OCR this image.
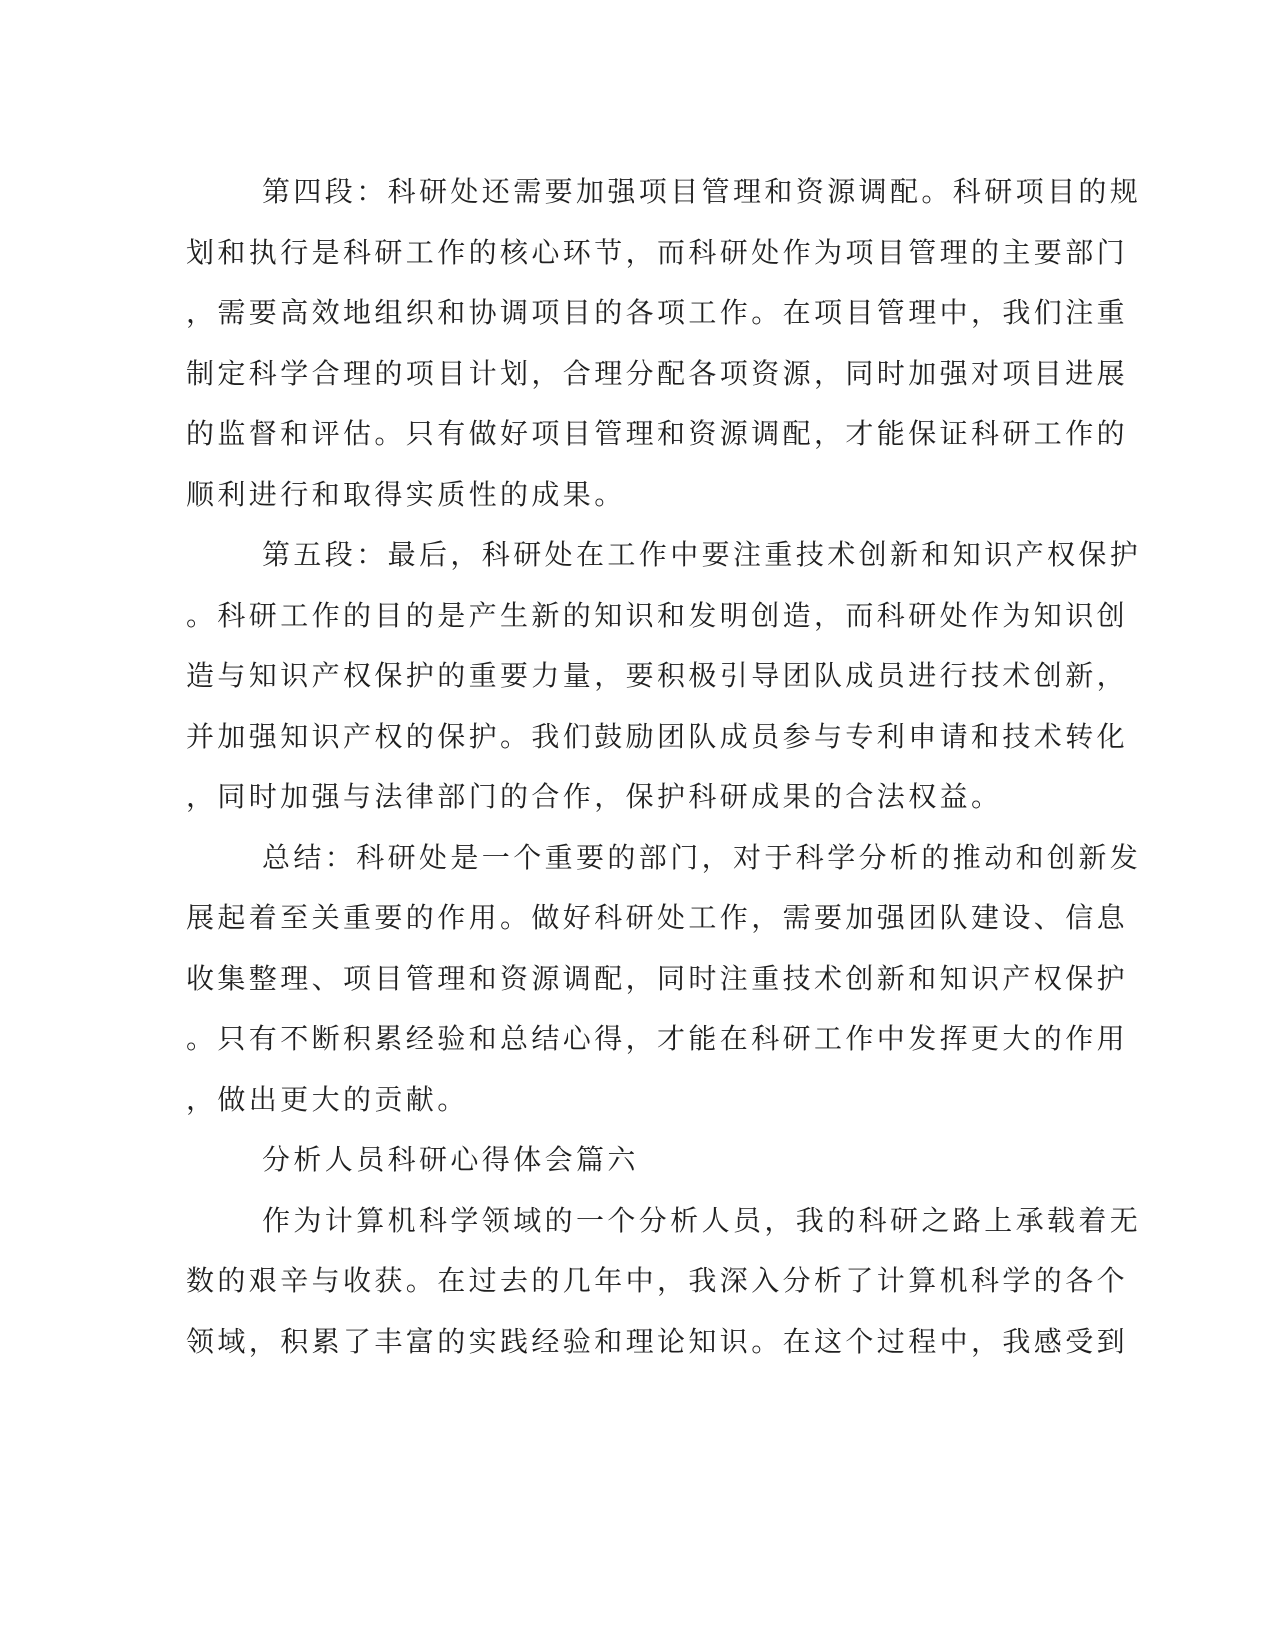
第四段：科研处还需要加强项目管理和资源调配。科研项目的规
划和执行是科研工作的核心环节，而科研处作为项目管理的主要部门
，需要高效地组织和协调项目的各项工作。在项目管理中，我们注重
制定科学合理的项目计划，合理分配各项资源，同时加强对项目进展
的监督和评估。只有做好项目管理和资源调配，才能保证科研工作的
顺利进行和取得实质性的成果。
第五段：最后，科研处在工作中要注重技术创新和知识产权保护
。科研工作的目的是产生新的知识和发明创造，而科研处作为知识创
造与知识产权保护的重要力量，要积极引导团队成员进行技术创新，
并加强知识产权的保护。我们鼓励团队成员参与专利申请和技术转化
，同时加强与法律部门的合作，保护科研成果的合法权益。
总结：科研处是一个重要的部门，对于科学分析的推动和创新发
展起着至关重要的作用。做好科研处工作，需要加强团队建设、信息
收集整理、项目管理和资源调配，同时注重技术创新和知识产权保护
。只有不断积累经验和总结心得，才能在科研工作中发挥更大的作用
，做出更大的贡献。
分析人员科研心得体会篇六
作为计算机科学领域的一个分析人员，我的科研之路上承载着无
数的艰辛与收获。在过去的几年中，我深入分析了计算机科学的各个
领域，积累了丰富的实践经验和理论知识。在这个过程中，我感受到
